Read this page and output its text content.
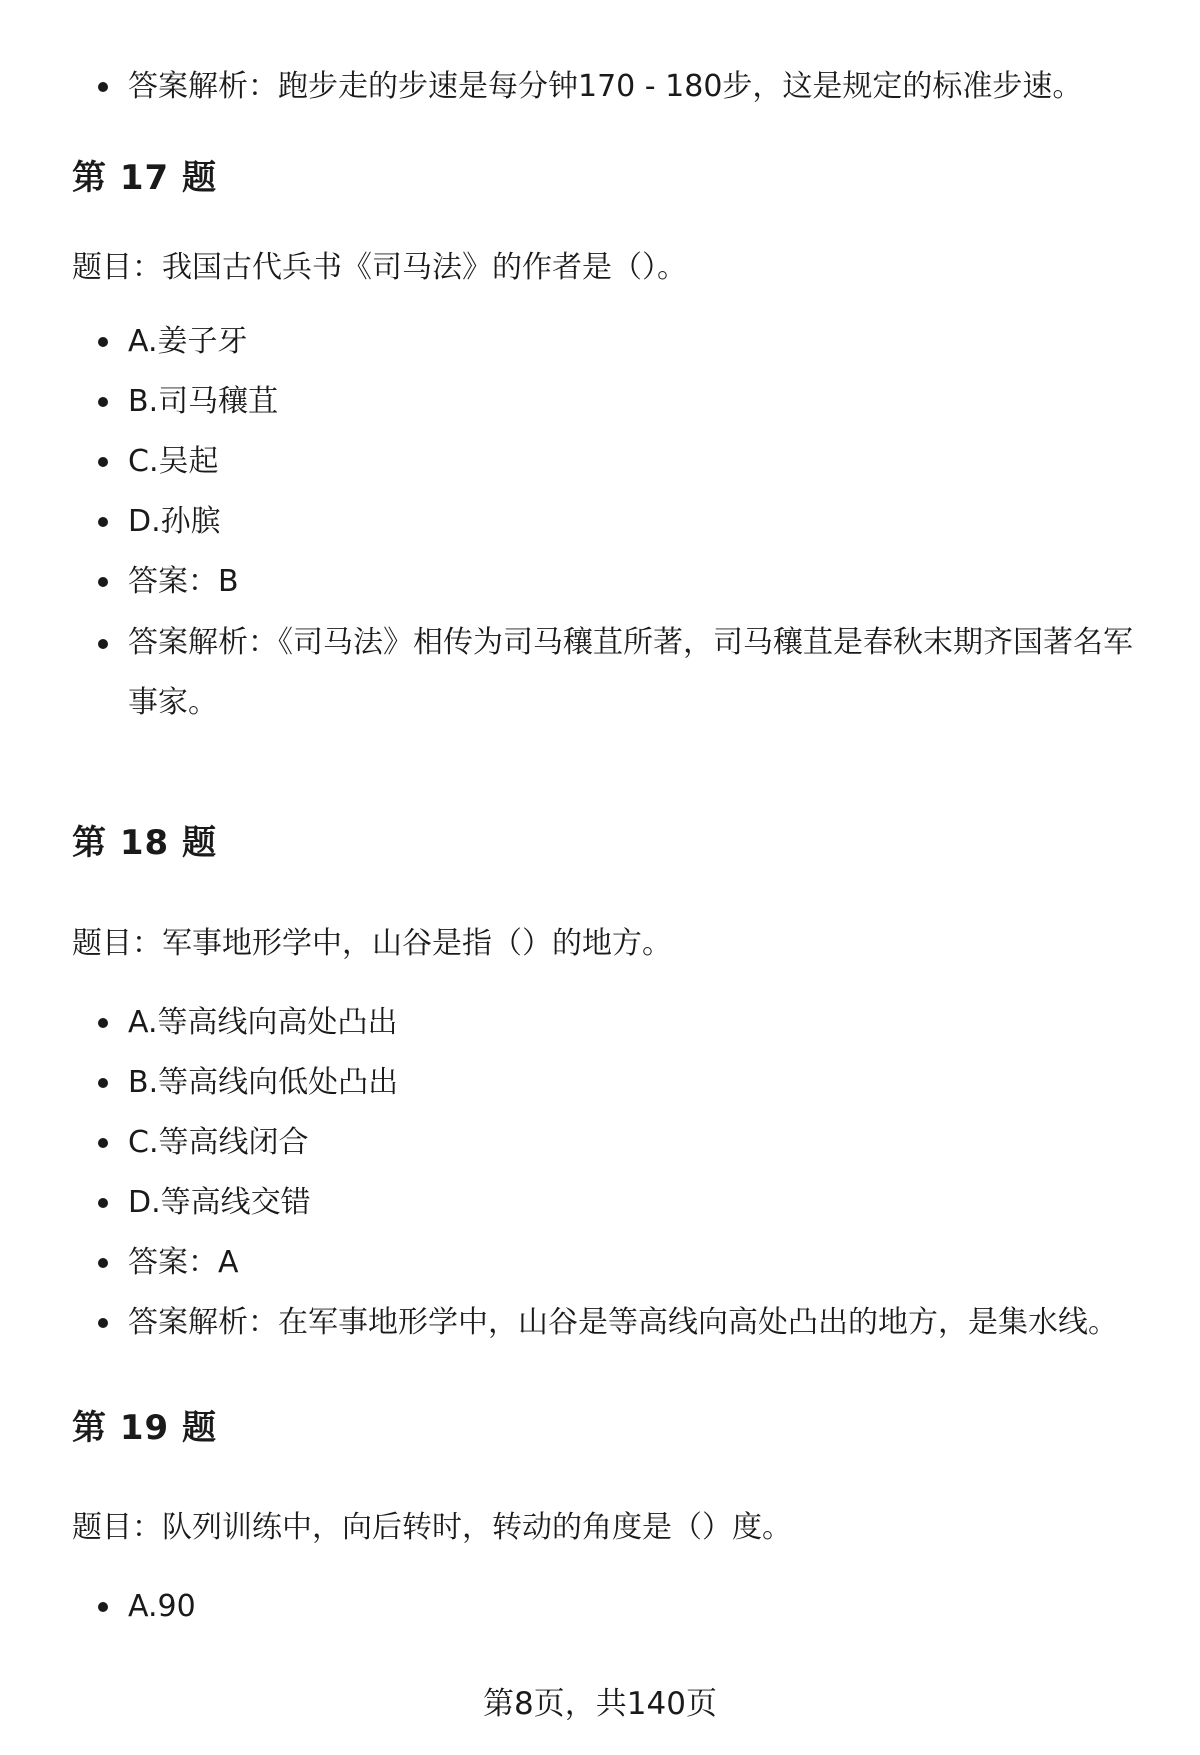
答案解析：跑步走的步速是每分钟170 - 180步，这是规定的标准步速。
第 17 题
题目：我国古代兵书《司马法》的作者是（）。
A.姜子牙
B.司马穰苴
C.吴起
D.孙膑
答案：B
答案解析：《司马法》相传为司马穰苴所著，司马穰苴是春秋末期齐国著名军事家。
第 18 题
题目：军事地形学中，山谷是指（）的地方。
A.等高线向高处凸出
B.等高线向低处凸出
C.等高线闭合
D.等高线交错
答案：A
答案解析：在军事地形学中，山谷是等高线向高处凸出的地方，是集水线。
第 19 题
题目：队列训练中，向后转时，转动的角度是（）度。
A.90
第8页，共140页
